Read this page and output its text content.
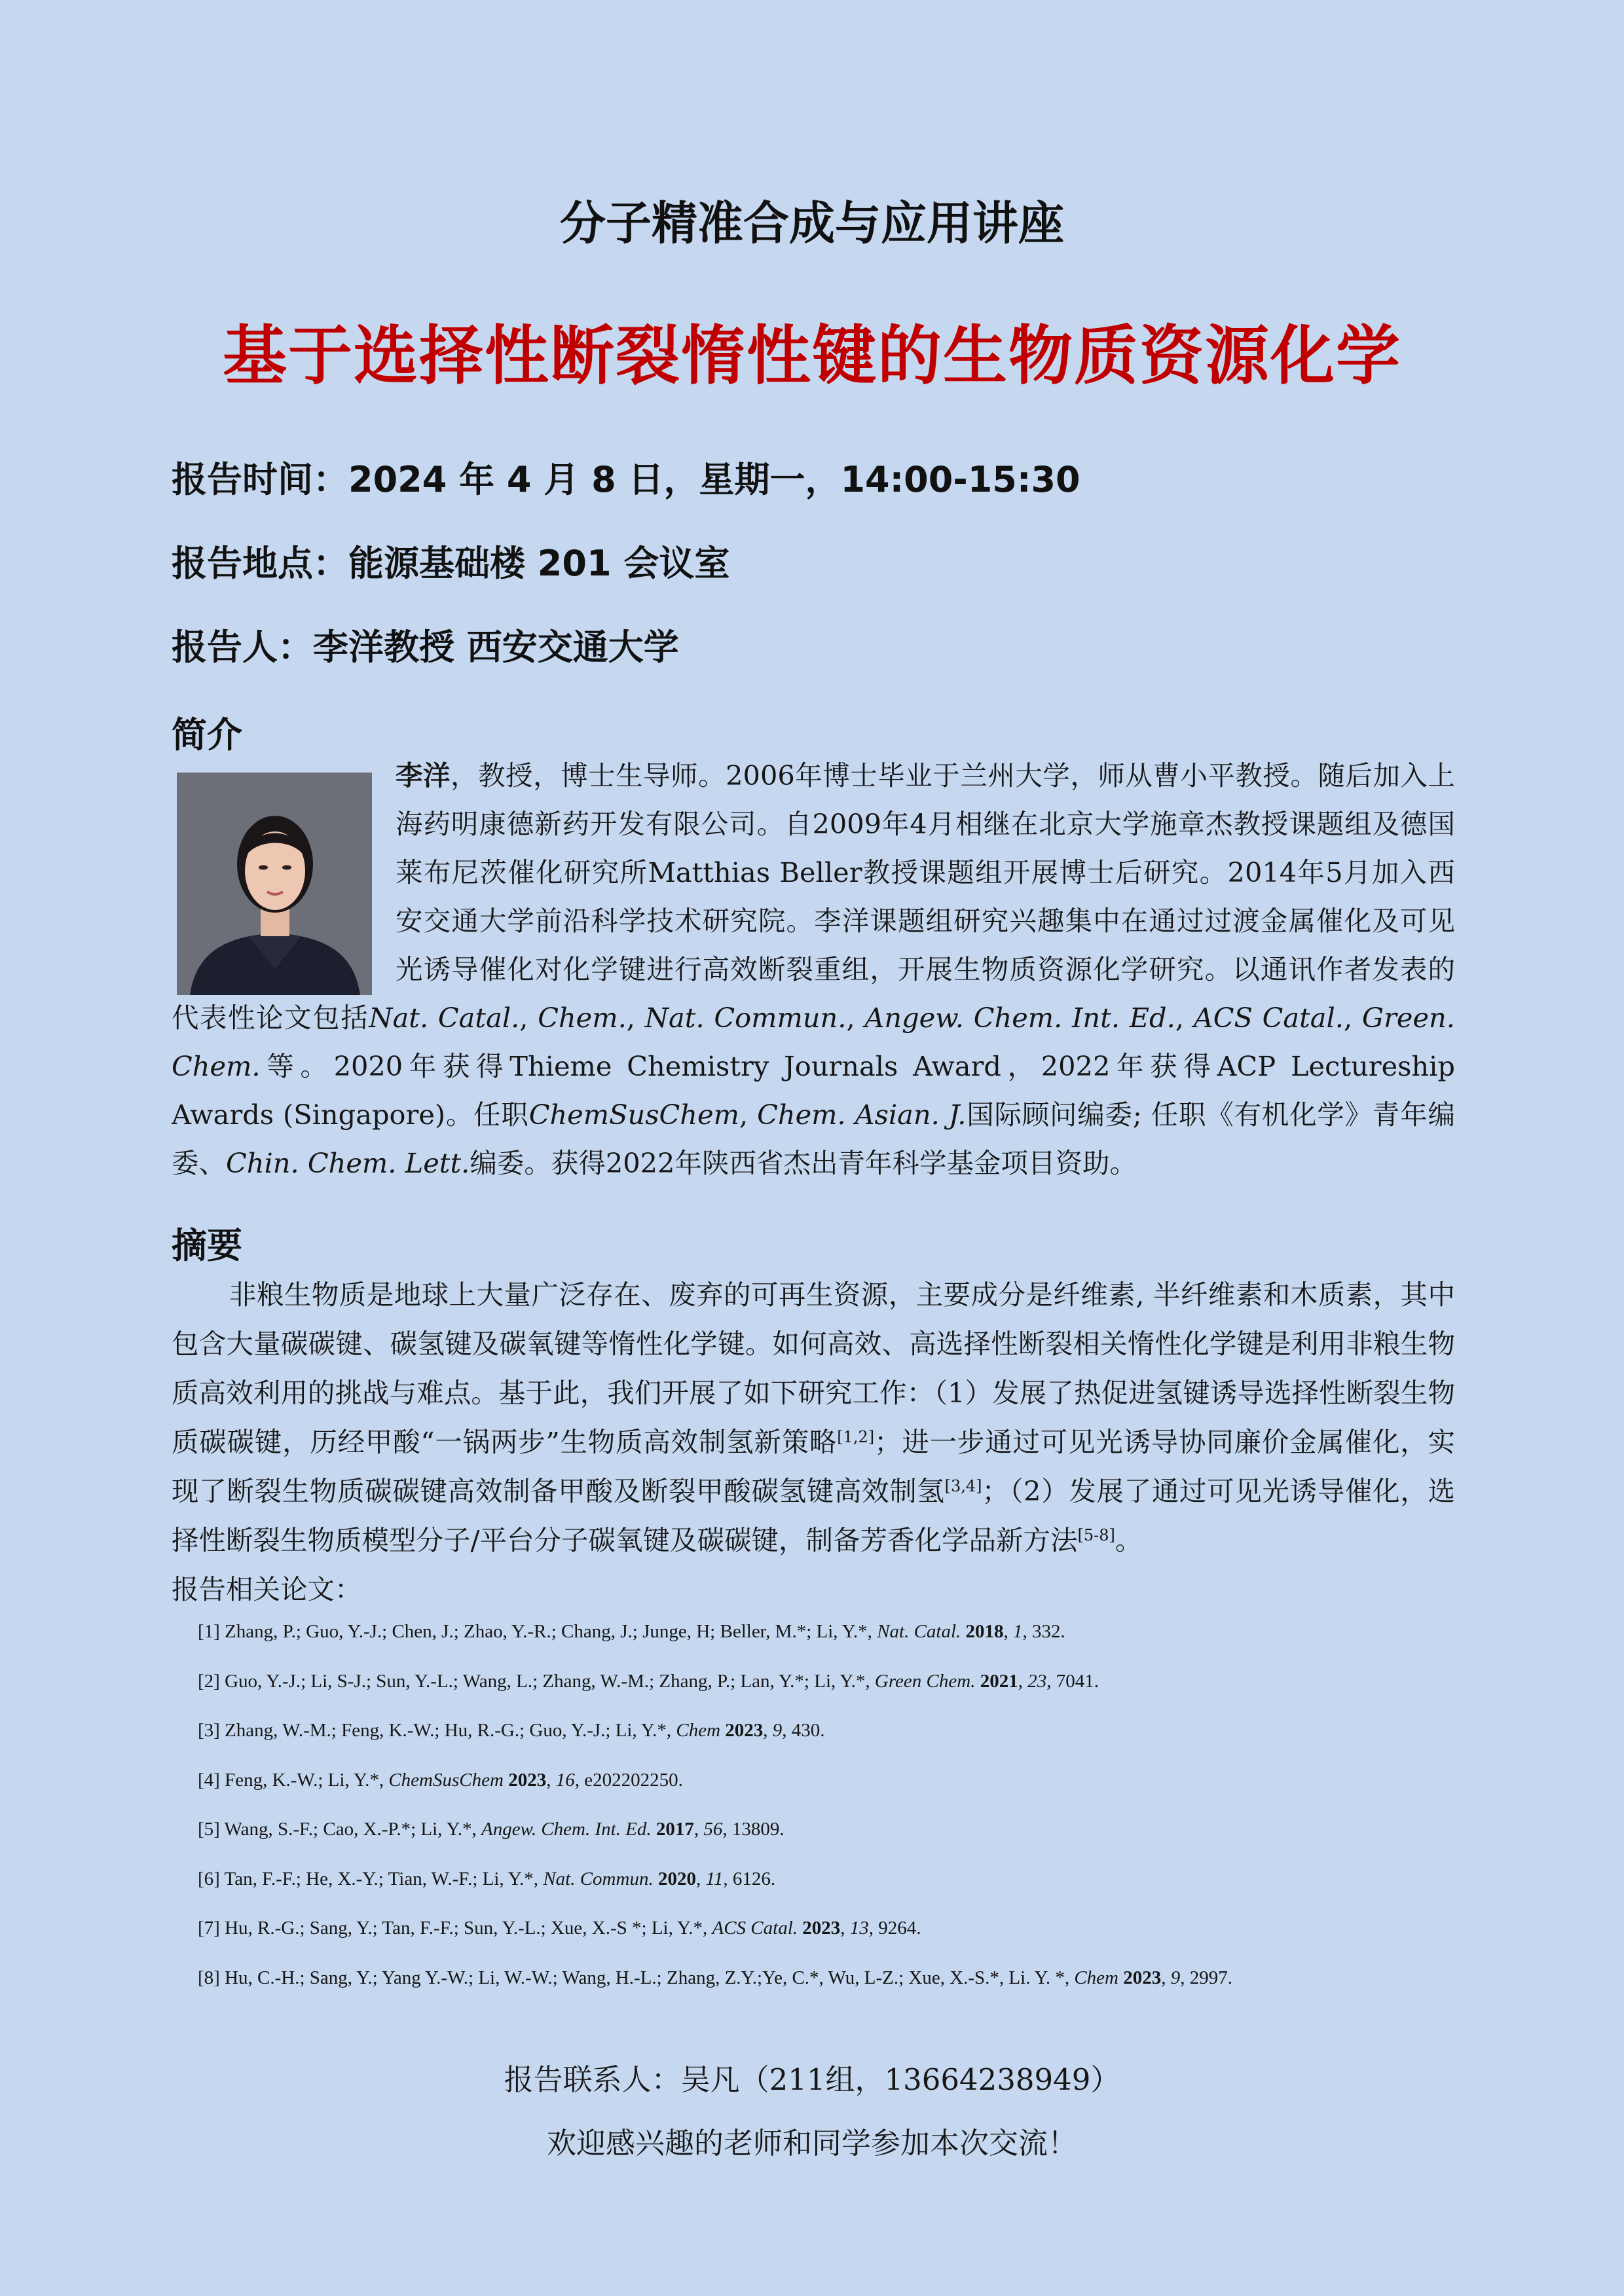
分子精准合成与应用讲座
基于选择性断裂惰性键的生物质资源化学
报告时间：2024 年 4 月 8 日，星期一，14:00-15:30
报告地点：能源基础楼 201 会议室
报告人：李洋教授 西安交通大学
简介
李洋，教授，博士生导师。2006年博士毕业于兰州大学，师从曹小平教授。随后加入上海药明康德新药开发有限公司。自2009年4月相继在北京大学施章杰教授课题组及德国莱布尼茨催化研究所Matthias Beller教授课题组开展博士后研究。2014年5月加入西安交通大学前沿科学技术研究院。李洋课题组研究兴趣集中在通过过渡金属催化及可见光诱导催化对化学键进行高效断裂重组，开展生物质资源化学研究。以通讯作者发表的代表性论文包括Nat. Catal., Chem., Nat. Commun., Angew. Chem. Int. Ed., ACS Catal., Green. Chem.等。2020年获得Thieme Chemistry Journals Award，2022年获得ACP Lectureship Awards (Singapore)。任职ChemSusChem, Chem. Asian. J.国际顾问编委; 任职《有机化学》青年编委、Chin. Chem. Lett.编委。获得2022年陕西省杰出青年科学基金项目资助。
摘要

非粮生物质是地球上大量广泛存在、废弃的可再生资源，主要成分是纤维素, 半纤维素和木质素，其中包含大量碳碳键、碳氢键及碳氧键等惰性化学键。如何高效、高选择性断裂相关惰性化学键是利用非粮生物质高效利用的挑战与难点。基于此，我们开展了如下研究工作：（1）发展了热促进氢键诱导选择性断裂生物质碳碳键，历经甲酸“一锅两步”生物质高效制氢新策略[1,2]；进一步通过可见光诱导协同廉价金属催化，实现了断裂生物质碳碳键高效制备甲酸及断裂甲酸碳氢键高效制氢[3,4]；（2）发展了通过可见光诱导催化，选择性断裂生物质模型分子/平台分子碳氧键及碳碳键，制备芳香化学品新方法[5-8]。

报告相关论文：

[1] Zhang, P.; Guo, Y.-J.; Chen, J.; Zhao, Y.-R.; Chang, J.; Junge, H; Beller, M.*; Li, Y.*, Nat. Catal. 2018, 1, 332.
[2] Guo, Y.-J.; Li, S-J.; Sun, Y.-L.; Wang, L.; Zhang, W.-M.; Zhang, P.; Lan, Y.*; Li, Y.*, Green Chem. 2021, 23, 7041.
[3] Zhang, W.-M.; Feng, K.-W.; Hu, R.-G.; Guo, Y.-J.; Li, Y.*, Chem 2023, 9, 430.
[4] Feng, K.-W.; Li, Y.*, ChemSusChem 2023, 16, e202202250.
[5] Wang, S.-F.; Cao, X.-P.*; Li, Y.*, Angew. Chem. Int. Ed. 2017, 56, 13809.
[6] Tan, F.-F.; He, X.-Y.; Tian, W.-F.; Li, Y.*, Nat. Commun. 2020, 11, 6126.
[7] Hu, R.-G.; Sang, Y.; Tan, F.-F.; Sun, Y.-L.; Xue, X.-S *; Li, Y.*, ACS Catal. 2023, 13, 9264.
[8] Hu, C.-H.; Sang, Y.; Yang Y.-W.; Li, W.-W.; Wang, H.-L.; Zhang, Z.Y.;Ye, C.*, Wu, L-Z.; Xue, X.-S.*, Li. Y. *, Chem 2023, 9, 2997.
报告联系人：吴凡（211组，13664238949）
欢迎感兴趣的老师和同学参加本次交流！
